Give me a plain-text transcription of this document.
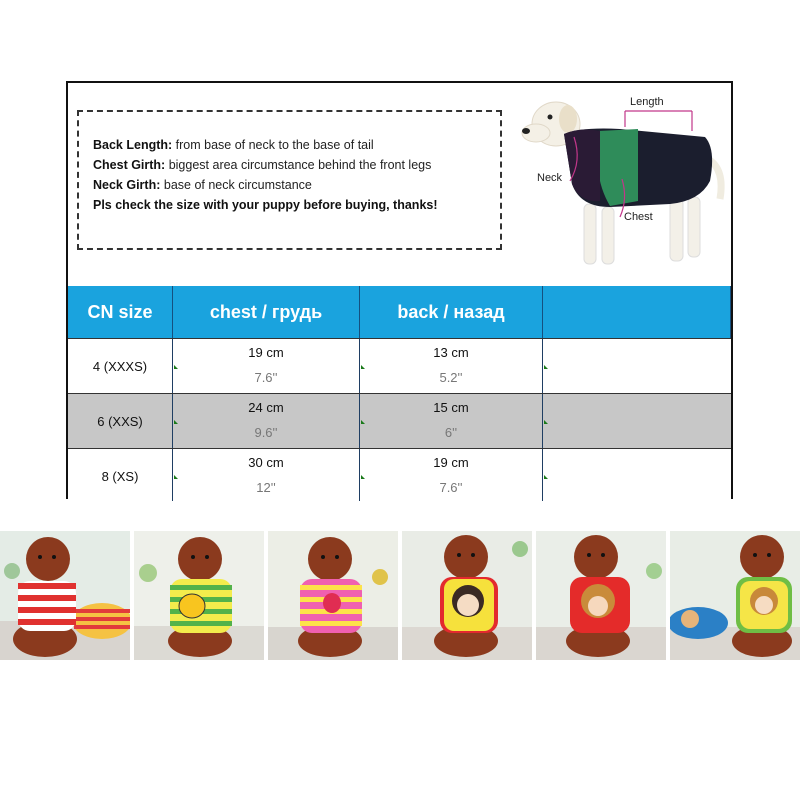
Back Length: from base of neck to the base of tail

Chest Girth: biggest area circumstance behind the front legs

Neck Girth: base of neck circumstance

Pls check the size with your puppy before buying, thanks!

Length
Neck
Chest
CN size	chest / грудь	back / назад
4 (XXXS)
19 cm
7.6''
13 cm
5.2''
6 (XXS)
24 cm
9.6''
15 cm
6''
8 (XS)
30 cm
12''
19 cm
7.6''
